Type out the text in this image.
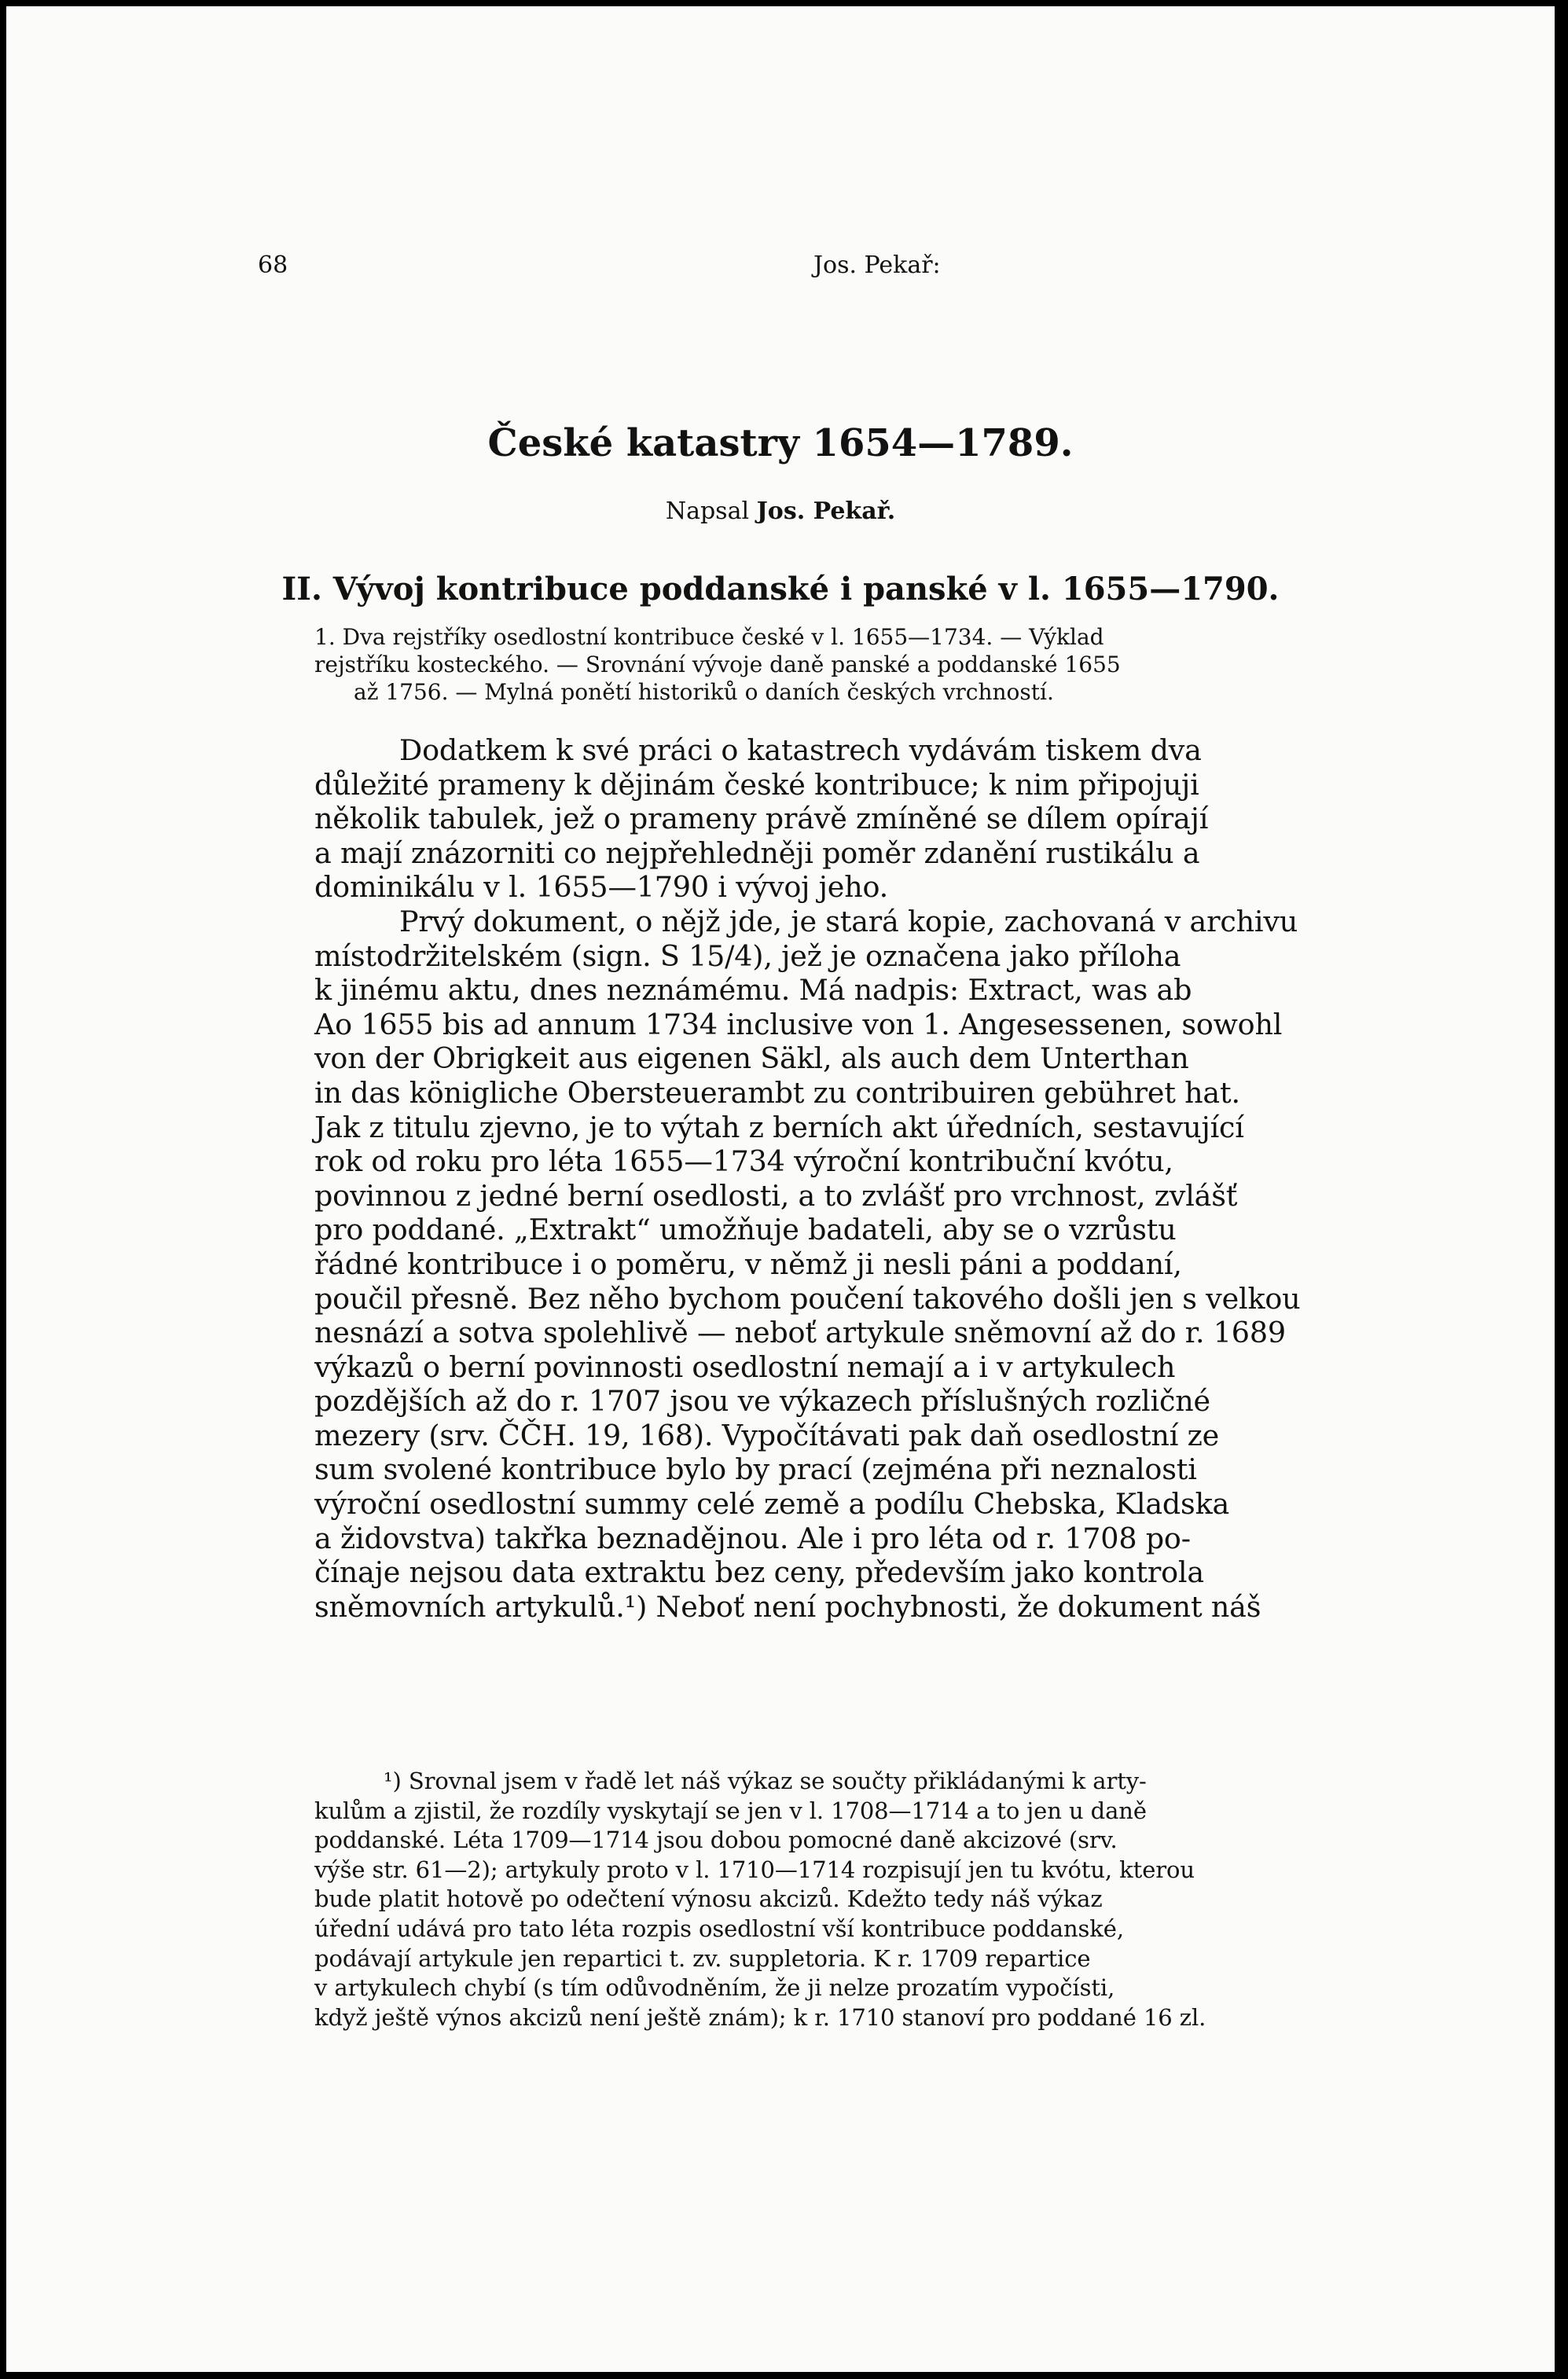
68	Jos. Pekař:
České katastry 1654—1789.
Napsal Jos. Pekař.
II. Vývoj kontribuce poddanské i panské v l. 1655—1790.
1. Dva rejstříky osedlostní kontribuce české v l. 1655—1734. — Výklad
rejstříku kosteckého. — Srovnání vývoje daně panské a poddanské 1655
až 1756. — Mylná ponětí historiků o daních českých vrchností.
Dodatkem k své práci o katastrech vydávám tiskem dva
důležité prameny k dějinám české kontribuce; k nim připojuji
několik tabulek, jež o prameny právě zmíněné se dílem opírají
a mají znázorniti co nejpřehledněji poměr zdanění rustikálu a
dominikálu v l. 1655—1790 i vývoj jeho.
Prvý dokument, o nějž jde, je stará kopie, zachovaná v archivu
místodržitelském (sign. S 15/4), jež je označena jako příloha
k jinému aktu, dnes neznámému. Má nadpis: Extract, was ab
Ao 1655 bis ad annum 1734 inclusive von 1. Angesessenen, sowohl
von der Obrigkeit aus eigenen Säkl, als auch dem Unterthan
in das königliche Obersteuerambt zu contribuiren gebühret hat.
Jak z titulu zjevno, je to výtah z berních akt úředních, sestavující
rok od roku pro léta 1655—1734 výroční kontribuční kvótu,
povinnou z jedné berní osedlosti, a to zvlášť pro vrchnost, zvlášť
pro poddané. „Extrakt“ umožňuje badateli, aby se o vzrůstu
řádné kontribuce i o poměru, v němž ji nesli páni a poddaní,
poučil přesně. Bez něho bychom poučení takového došli jen s velkou
nesnází a sotva spolehlivě — neboť artykule sněmovní až do r. 1689
výkazů o berní povinnosti osedlostní nemají a i v artykulech
pozdějších až do r. 1707 jsou ve výkazech příslušných rozličné
mezery (srv. ČČH. 19, 168). Vypočítávati pak daň osedlostní ze
sum svolené kontribuce bylo by prací (zejména při neznalosti
výroční osedlostní summy celé země a podílu Chebska, Kladska
a židovstva) takřka beznadějnou. Ale i pro léta od r. 1708 po-
čínaje nejsou data extraktu bez ceny, především jako kontrola
sněmovních artykulů.¹) Neboť není pochybnosti, že dokument náš
¹) Srovnal jsem v řadě let náš výkaz se součty přikládanými k arty-
kulům a zjistil, že rozdíly vyskytají se jen v l. 1708—1714 a to jen u daně
poddanské. Léta 1709—1714 jsou dobou pomocné daně akcizové (srv.
výše str. 61—2); artykuly proto v l. 1710—1714 rozpisují jen tu kvótu, kterou
bude platit hotově po odečtení výnosu akcizů. Kdežto tedy náš výkaz
úřední udává pro tato léta rozpis osedlostní vší kontribuce poddanské,
podávají artykule jen repartici t. zv. suppletoria. K r. 1709 repartice
v artykulech chybí (s tím odůvodněním, že ji nelze prozatím vypočísti,
když ještě výnos akcizů není ještě znám); k r. 1710 stanoví pro poddané 16 zl.
